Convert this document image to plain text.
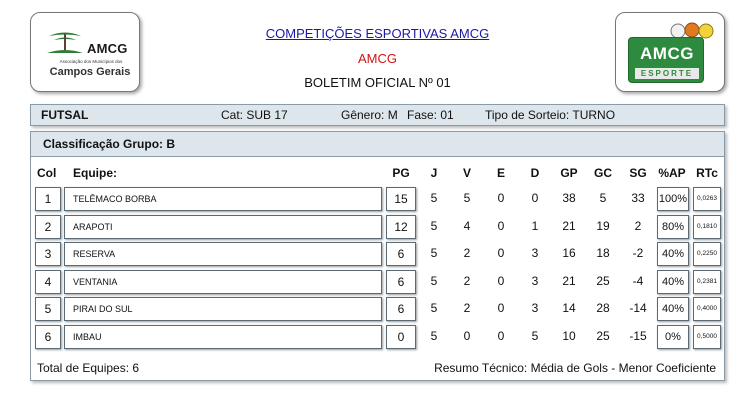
AMCG
Associação dos Municípios dos
Campos Gerais
COMPETIÇÕES ESPORTIVAS AMCG
AMCG
BOLETIM OFICIAL Nº 01
AMCG
ESPORTE
FUTSAL	Cat: SUB 17	Gênero: M Fase: 01	Tipo de Sorteio: TURNO
Classificação Grupo: B
Col Equipe:	PG	J	V	E	D	GP GC	SG %AP RTc
1	TELÊMACO BORBA	15	5	5	0	0	38	5	33	100%	0,0263
2	ARAPOTI	12	5	4	0	1	21	19	2	80%	0,1810
3	RESERVA	6	5	2	0	3	16	18	-2	40%	0,2250
4	VENTANIA	6	5	2	0	3	21	25	-4	40%	0,2381
5	PIRAI DO SUL	6	5	2	0	3	14	28	-14	40%	0,4000
6	IMBAU	0	5	0	0	5	10	25	-15	0%	0,5000
Total de Equipes: 6	Resumo Técnico: Média de Gols - Menor Coeficiente
